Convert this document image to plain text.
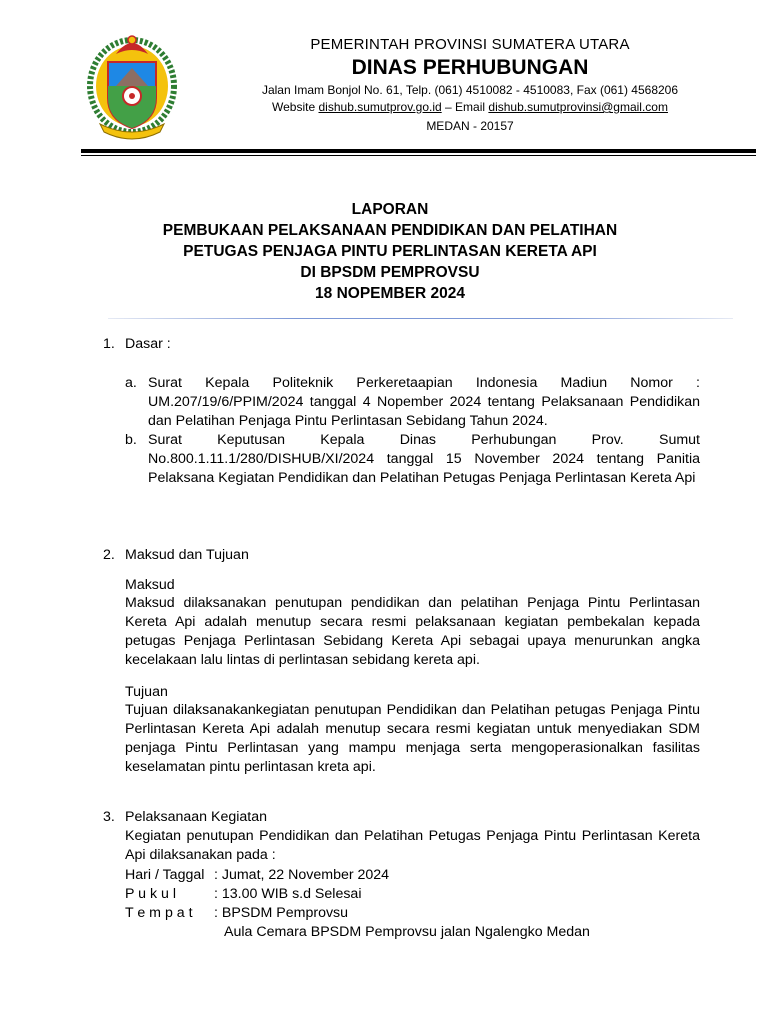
PEMERINTAH PROVINSI SUMATERA UTARA
DINAS PERHUBUNGAN
Jalan Imam Bonjol No. 61, Telp. (061) 4510082 - 4510083, Fax (061) 4568206
Website dishub.sumutprov.go.id – Email dishub.sumutprovinsi@gmail.com
MEDAN - 20157
LAPORAN
PEMBUKAAN PELAKSANAAN PENDIDIKAN DAN PELATIHAN
PETUGAS PENJAGA PINTU PERLINTASAN KERETA API
DI BPSDM PEMPROVSU
18 NOPEMBER 2024
1. Dasar :
a. Surat Kepala Politeknik Perkeretaapian Indonesia Madiun Nomor : UM.207/19/6/PPIM/2024 tanggal 4 Nopember 2024 tentang Pelaksanaan Pendidikan dan Pelatihan Penjaga Pintu Perlintasan Sebidang Tahun 2024.
b. Surat Keputusan Kepala Dinas Perhubungan Prov. Sumut No.800.1.11.1/280/DISHUB/XI/2024 tanggal 15 November 2024 tentang Panitia Pelaksana Kegiatan Pendidikan dan Pelatihan Petugas Penjaga Perlintasan Kereta Api
2. Maksud dan Tujuan
Maksud
Maksud dilaksanakan penutupan pendidikan dan pelatihan Penjaga Pintu Perlintasan Kereta Api adalah menutup secara resmi pelaksanaan kegiatan pembekalan kepada petugas Penjaga Perlintasan Sebidang Kereta Api sebagai upaya menurunkan angka kecelakaan lalu lintas di perlintasan sebidang kereta api.
Tujuan
Tujuan dilaksanakankegiatan penutupan Pendidikan dan Pelatihan petugas Penjaga Pintu Perlintasan Kereta Api adalah menutup secara resmi kegiatan untuk menyediakan SDM penjaga Pintu Perlintasan yang mampu menjaga serta mengoperasionalkan fasilitas keselamatan pintu perlintasan kreta api.
3. Pelaksanaan Kegiatan
Kegiatan penutupan Pendidikan dan Pelatihan Petugas Penjaga Pintu Perlintasan Kereta Api dilaksanakan pada :
Hari / Taggal : Jumat, 22 November 2024
P u k u l	: 13.00 WIB s.d Selesai
T e m p a t : BPSDM Pemprovsu
Aula Cemara BPSDM Pemprovsu jalan Ngalengko Medan
